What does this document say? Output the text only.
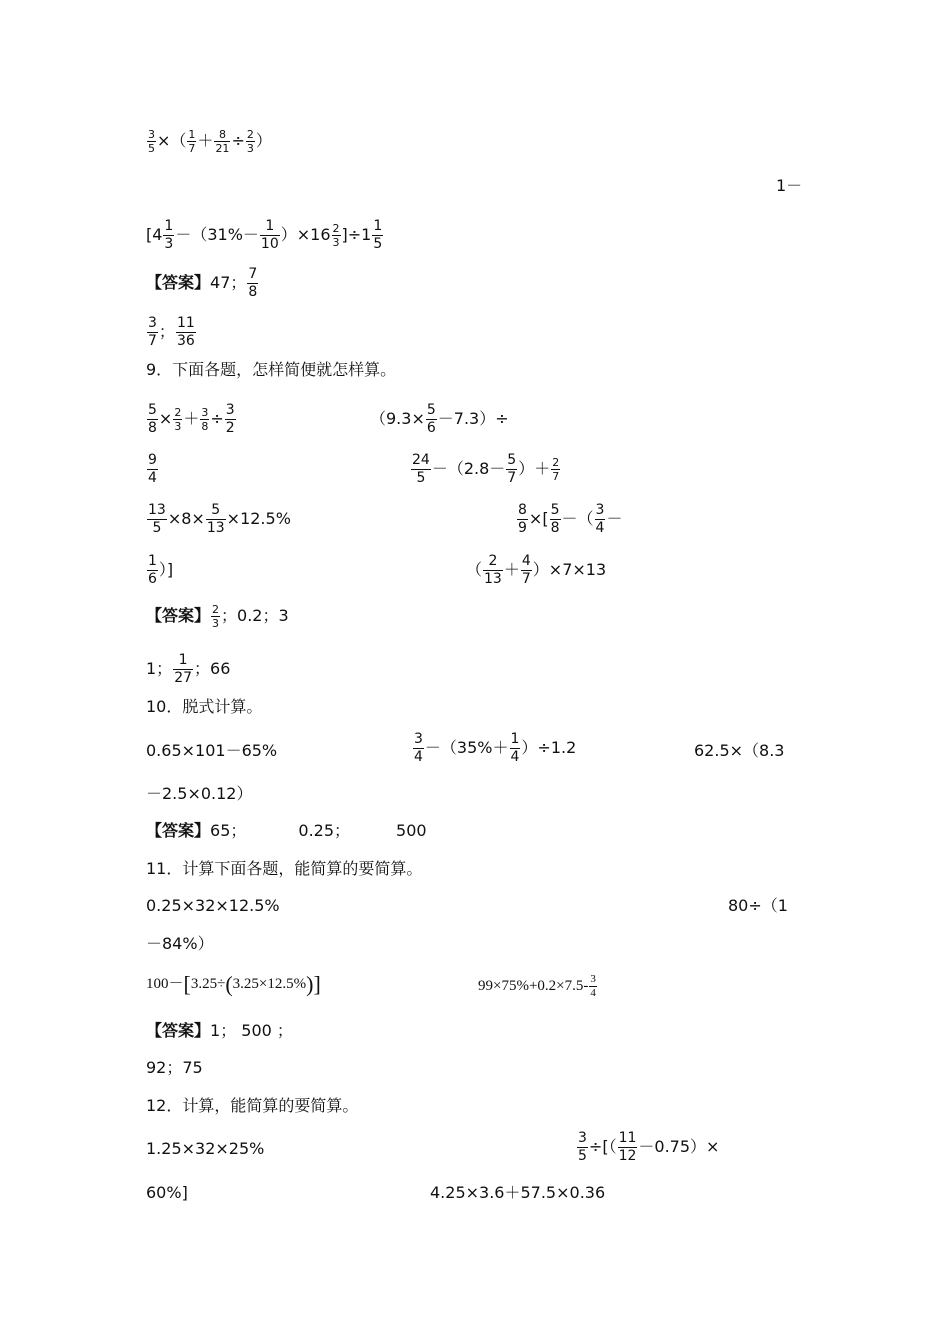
$\frac{3}{5}$ ×（ $\frac{1}{7} + \frac{8}{21} \div \frac{2}{3}$ ）
1－
$[4 \frac{1}{3} -(31\%- \frac{1}{10} )\times 16 \frac{2}{3} ]\div 1 \frac{1}{5}$
【答案】47； $\frac{7}{8}$
$\frac{3}{7}$ ； $\frac{11}{36}$
9．下面各题，怎样简便就怎样算。
$\frac{5}{8} \times \frac{2}{3} + \frac{3}{8} \div \frac{3}{2}$	$(9.3\times \frac{5}{6} -7.3)\div$
$\frac{9}{4}$	$\frac{24}{5} -(2.8- \frac{5}{7}$ ）＋ $\frac{2}{7}$
$\frac{13}{5} \times 8\times \frac{5}{13} \times 12.5\%$	$\frac{8}{9}$ ×[ $\frac{5}{8}$ －（ $\frac{3}{4}$ －
$\frac{1}{6}$ ）]	（ $\frac{2}{13} + \frac{4}{7} )\times 7\times 13$
【答案】 $\frac{2}{3}$ ；0.2；3
1； $\frac{1}{27}$ ；66
10．脱式计算。
0.65×101－65%	$\frac{3}{4} -(35\%+ \frac{1}{4} )\div 1.2$	62.5×（8.3
－2.5×0.12）
【答案】65；	0.25；	500
11．计算下面各题，能简算的要简算。
0.25×32×12.5%	80÷（1
－84%）
100－[3.25÷(3.25×12.5%)]	$99\times 75\%+0.2\times 7.5- \frac{3}{4}$
【答案】1； 500 ；
92；75
12．计算，能简算的要简算。
1.25×32×25%	$\frac{3}{5}$ ÷[（ $\frac{11}{12} -0.75)\times$
60%]	4.25×3.6＋57.5×0.36
